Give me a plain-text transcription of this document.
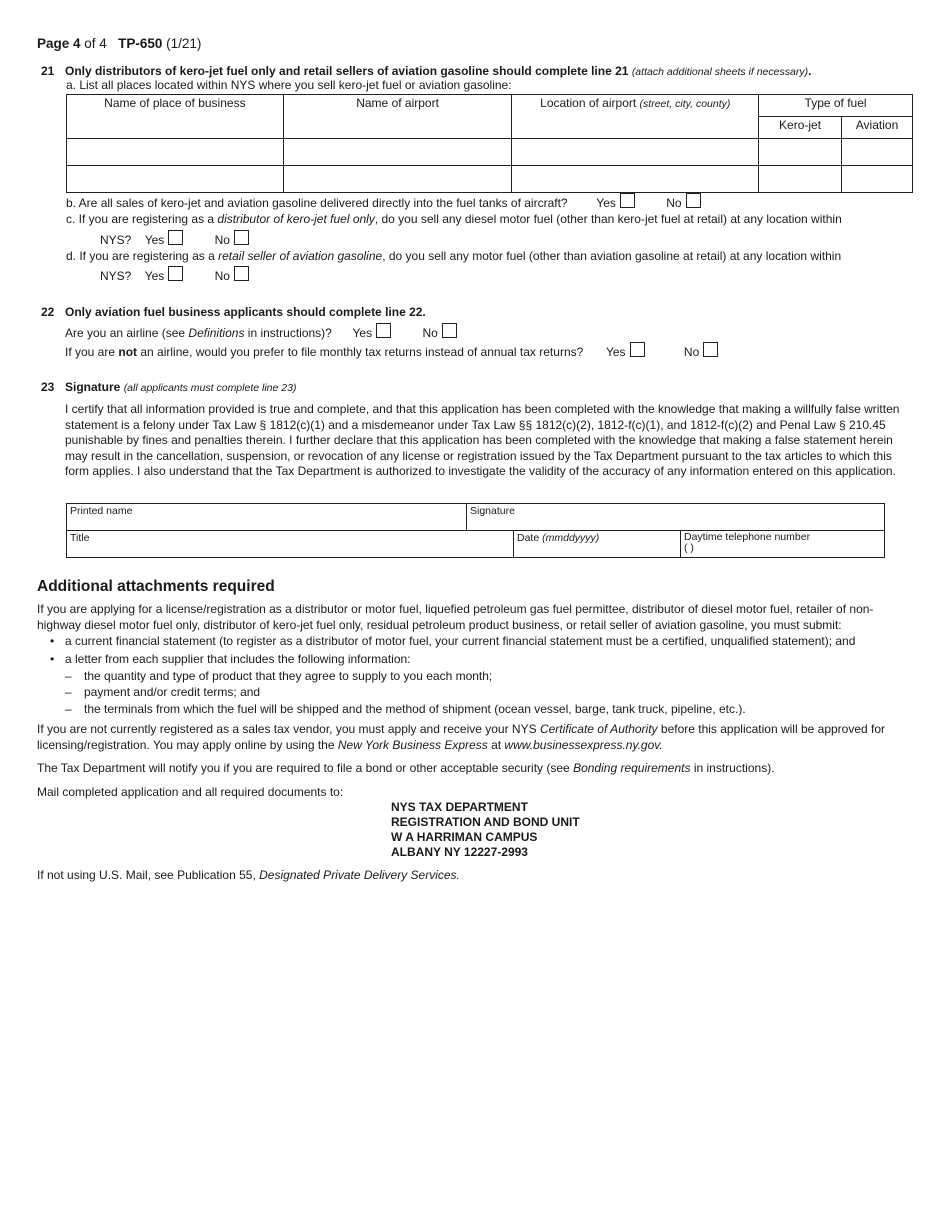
Page 4 of 4 TP-650 (1/21)
21 Only distributors of kero-jet fuel only and retail sellers of aviation gasoline should complete line 21 (attach additional sheets if necessary).
a. List all places located within NYS where you sell kero-jet fuel or aviation gasoline:
Name of place of business	Name of airport	Location of airport (street, city, county)	Type of fuel	
			Kero-jet	Aviation

b. Are all sales of kero-jet and aviation gasoline delivered directly into the fuel tanks of aircraft? Yes	No
c. If you are registering as a distributor of kero-jet fuel only, do you sell any diesel motor fuel (other than kero-jet fuel at retail) at any location within
NYS? Yes	No
d. If you are registering as a retail seller of aviation gasoline, do you sell any motor fuel (other than aviation gasoline at retail) at any location within
NYS? Yes	No
22 Only aviation fuel business applicants should complete line 22.
Are you an airline (see Definitions in instructions)? Yes	No
If you are not an airline, would you prefer to file monthly tax returns instead of annual tax returns? Yes	No
23 Signature (all applicants must complete line 23)

I certify that all information provided is true and complete, and that this application has been completed with the knowledge that making a willfully false written statement is a felony under Tax Law § 1812(c)(1) and a misdemeanor under Tax Law §§ 1812(c)(2), 1812-f(c)(1), and 1812-f(c)(2) and Penal Law § 210.45 punishable by fines and penalties therein. I further declare that this application has been completed with the knowledge that making a false statement herein may result in the cancellation, suspension, or revocation of any license or registration issued by the Tax Department pursuant to the tax articles to which this form applies. I also understand that the Tax Department is authorized to investigate the validity of the accuracy of any information entered on this application.

Printed name	Signature
Title	Date (mmddyyyy)	Daytime telephone number
( )
Additional attachments required

If you are applying for a license/registration as a distributor or motor fuel, liquefied petroleum gas fuel permittee, distributor of diesel motor fuel, retailer of non-highway diesel motor fuel only, distributor of kero-jet fuel only, residual petroleum product business, or retail seller of aviation gasoline, you must submit:

• a current financial statement (to register as a distributor of motor fuel, your current financial statement must be a certified, unqualified statement); and
• a letter from each supplier that includes the following information:
– the quantity and type of product that they agree to supply to you each month;
– payment and/or credit terms; and
– the terminals from which the fuel will be shipped and the method of shipment (ocean vessel, barge, tank truck, pipeline, etc.).

If you are not currently registered as a sales tax vendor, you must apply and receive your NYS Certificate of Authority before this application will be approved for licensing/registration. You may apply online by using the New York Business Express at www.businessexpress.ny.gov.

The Tax Department will notify you if you are required to file a bond or other acceptable security (see Bonding requirements in instructions).

Mail completed application and all required documents to:

NYS TAX DEPARTMENT
REGISTRATION AND BOND UNIT
W A HARRIMAN CAMPUS
ALBANY NY 12227-2993

If not using U.S. Mail, see Publication 55, Designated Private Delivery Services.
